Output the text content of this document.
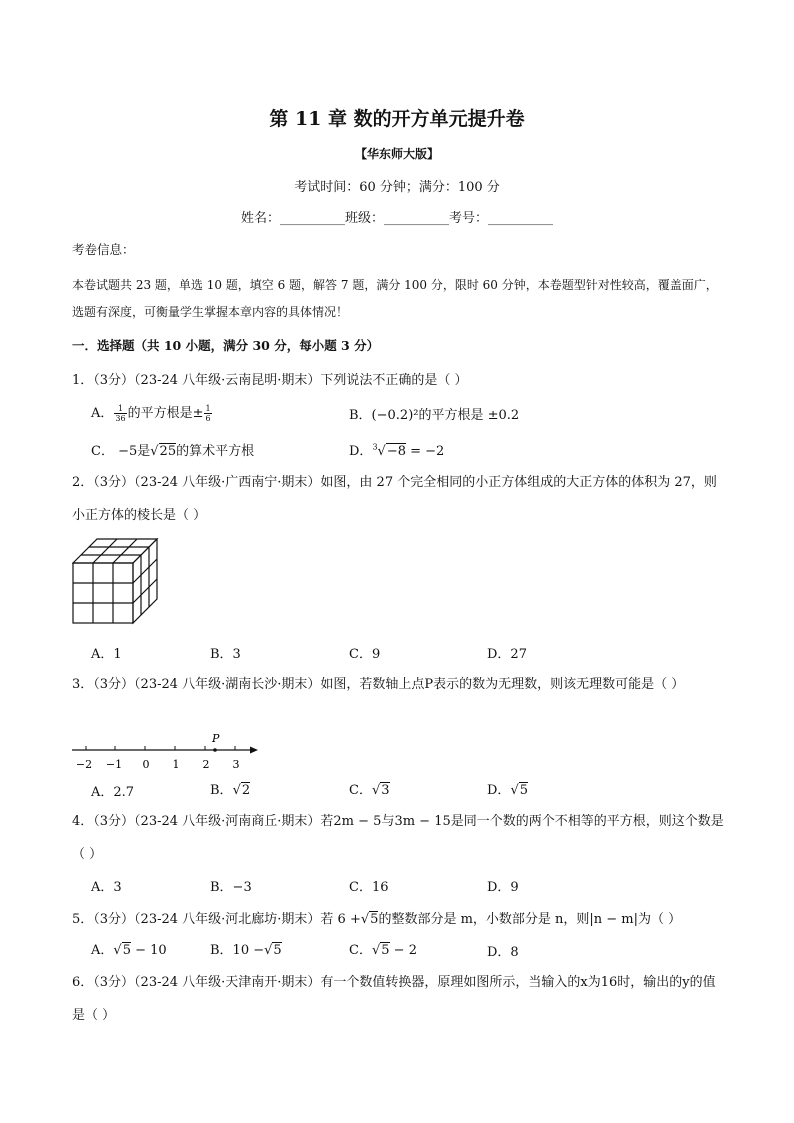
第 11 章 数的开方单元提升卷
【华东师大版】
考试时间：60 分钟；满分：100 分
姓名：__________班级：__________考号：__________
考卷信息：
本卷试题共 23 题，单选 10 题，填空 6 题，解答 7 题，满分 100 分，限时 60 分钟，本卷题型针对性较高，覆盖面广，选题有深度，可衡量学生掌握本章内容的具体情况！
一．选择题（共 10 小题，满分 30 分，每小题 3 分）
1．（3分）（23-24 八年级·云南昆明·期末）下列说法不正确的是（ ）
A． $\frac{1}{36}$ 的平方根是± $\frac{1}{6}$	B．(−0.2)²的平方根是 ±0.2
C． −5是√25的算术平方根	D．$^3$√−8 = −2
2．（3分）（23-24 八年级·广西南宁·期末）如图，由 27 个完全相同的小正方体组成的大正方体的体积为 27，则小正方体的棱长是（ ）
A．1	B．3	C．9	D．27
3．（3分）（23-24 八年级·湖南长沙·期末）如图，若数轴上点P表示的数为无理数，则该无理数可能是（ ）
P
−2 −1 0 1 2 3
A．2.7	B．√2	C．√3	D．√5
4．（3分）（23-24 八年级·河南商丘·期末）若2m − 5与3m − 15是同一个数的两个不相等的平方根，则这个数是（ ）
A．3	B．−3	C．16	D．9
5．（3分）（23-24 八年级·河北廊坊·期末）若 6 +√5的整数部分是 m，小数部分是 n，则|n − m|为（ ）
A．√5 − 10	B．10 −√5	C．√5 − 2	D．8
6．（3分）（23-24 八年级·天津南开·期末）有一个数值转换器，原理如图所示，当输入的x为16时，输出的y的值是（ ）
